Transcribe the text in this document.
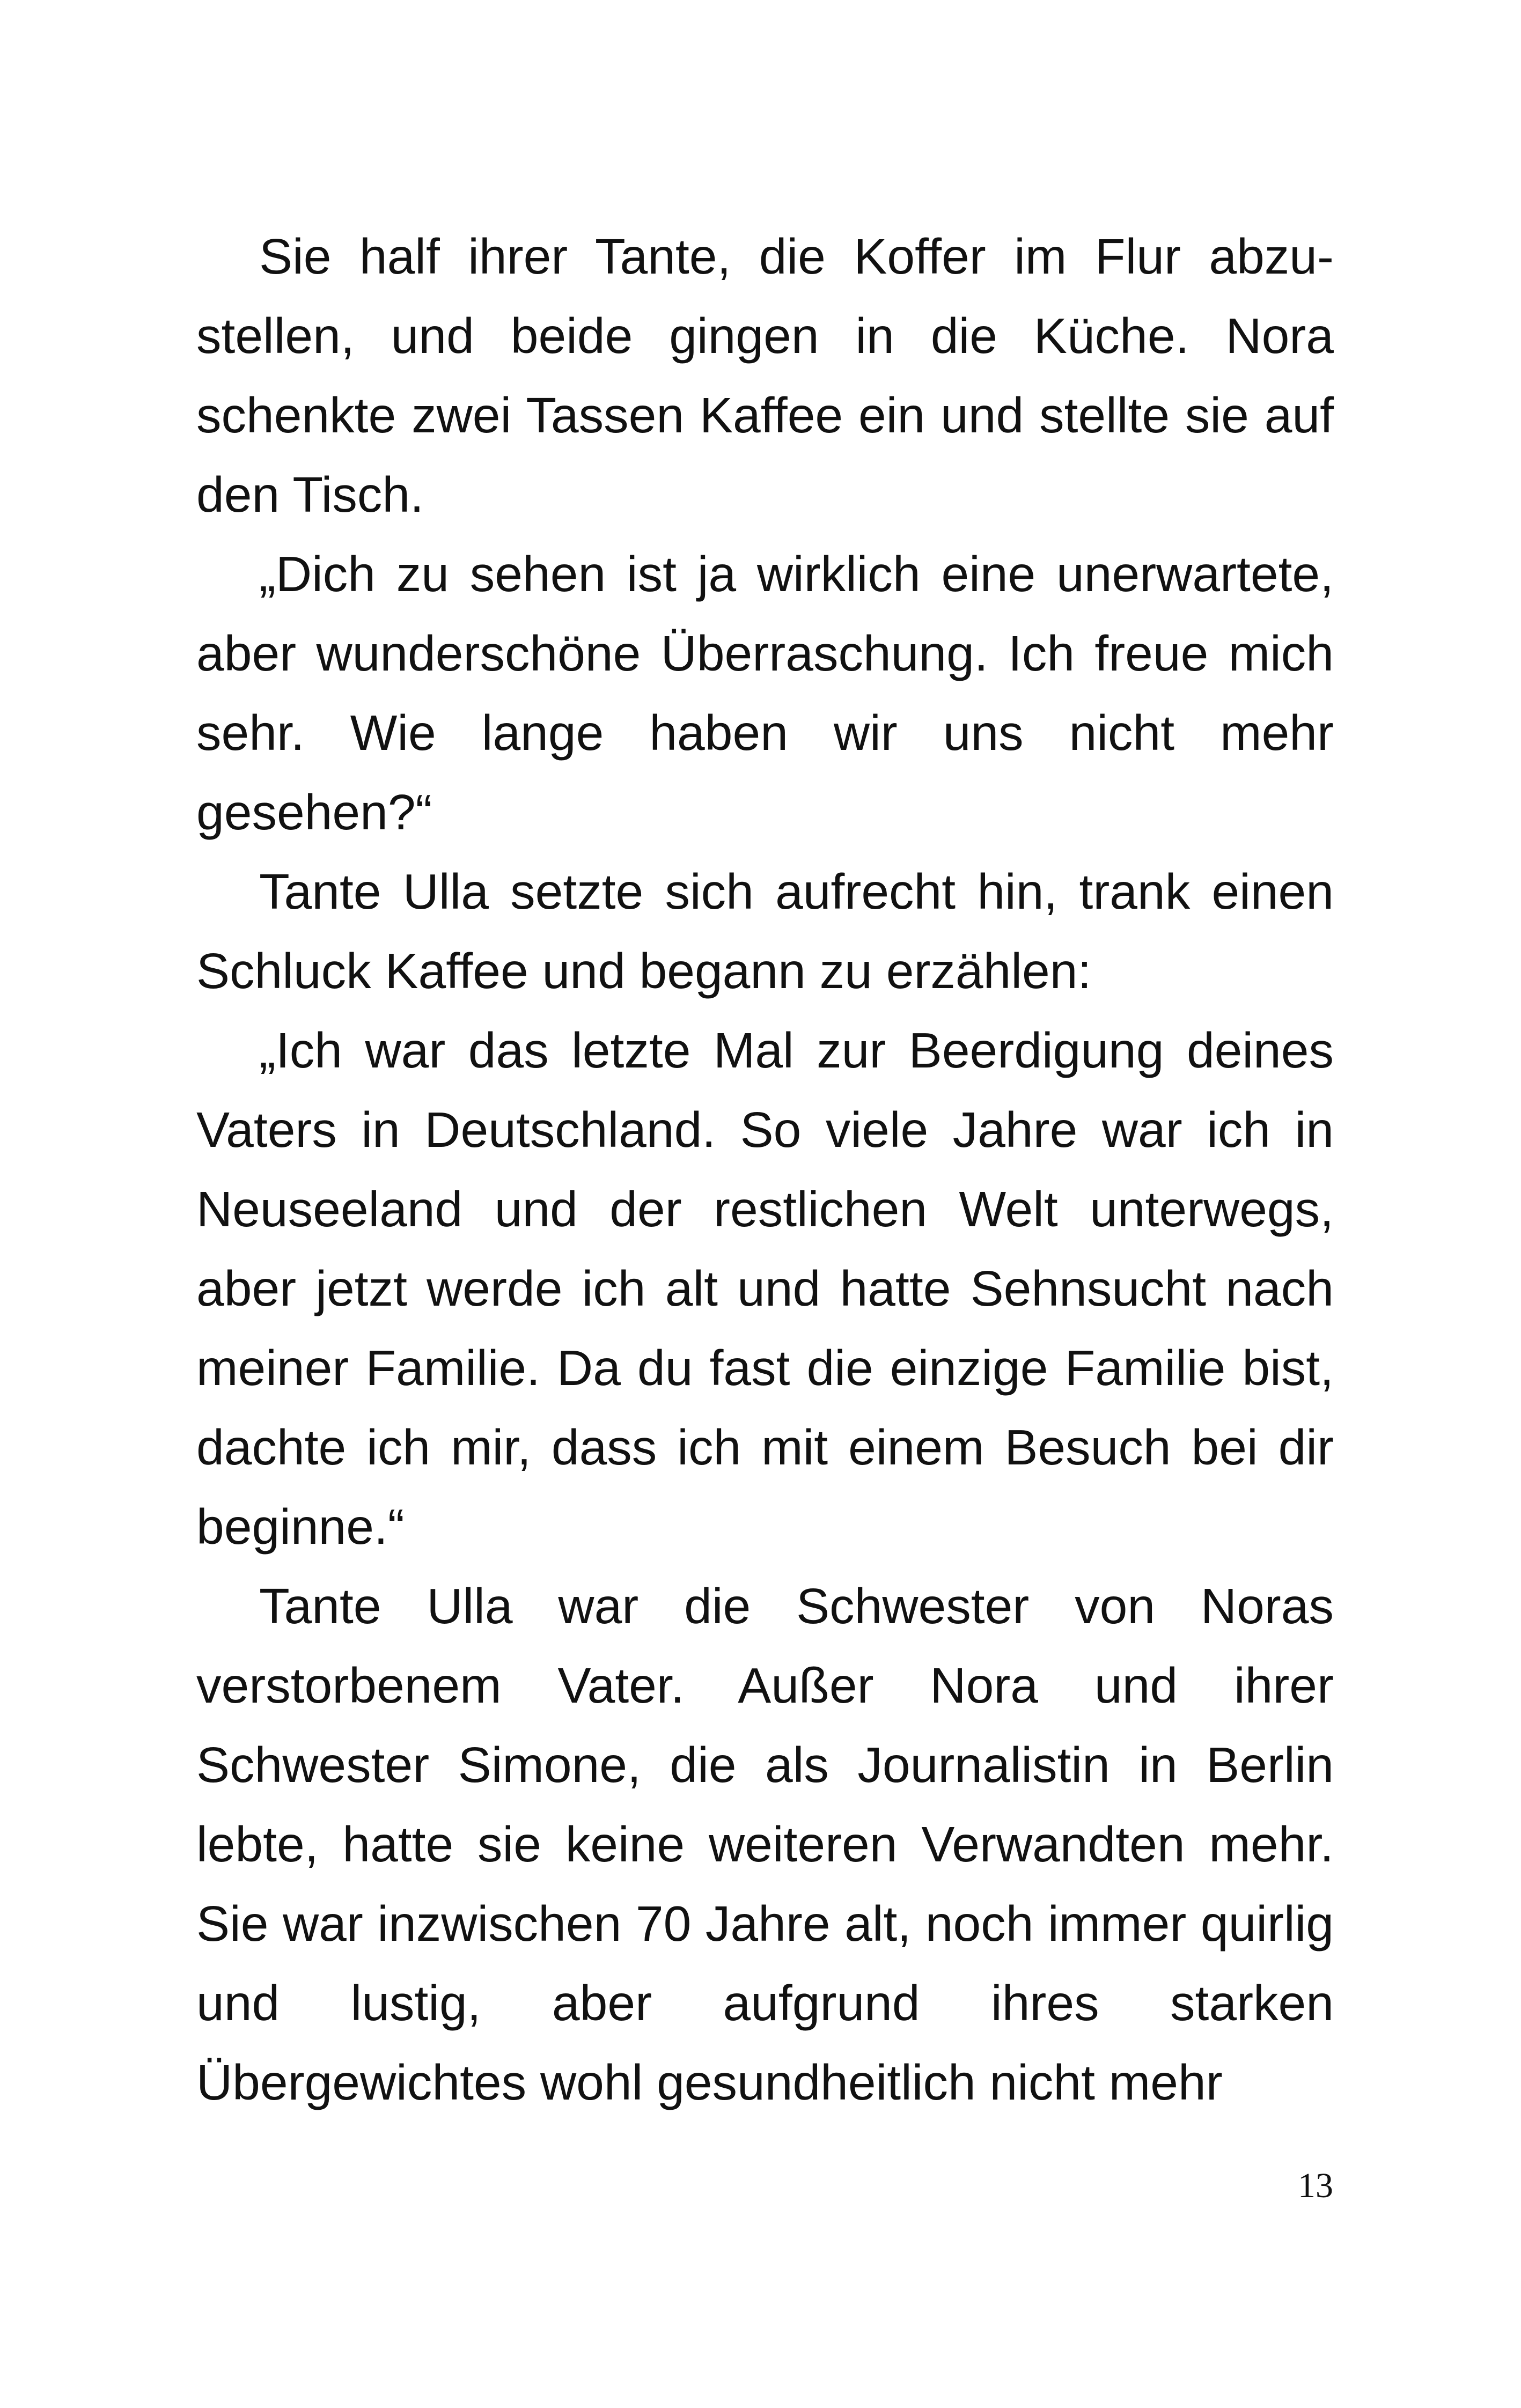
Sie half ihrer Tante, die Koffer im Flur abzustellen, und beide gingen in die Küche. Nora schenkte zwei Tassen Kaffee ein und stellte sie auf den Tisch.

„Dich zu sehen ist ja wirklich eine unerwartete, aber wunderschöne Überraschung. Ich freue mich sehr. Wie lange haben wir uns nicht mehr gesehen?“

Tante Ulla setzte sich aufrecht hin, trank einen Schluck Kaffee und begann zu erzählen:

„Ich war das letzte Mal zur Beerdigung deines Vaters in Deutschland. So viele Jahre war ich in Neuseeland und der restlichen Welt unterwegs, aber jetzt werde ich alt und hatte Sehnsucht nach meiner Familie. Da du fast die einzige Familie bist, dachte ich mir, dass ich mit einem Besuch bei dir beginne.“

Tante Ulla war die Schwester von Noras verstorbenem Vater. Außer Nora und ihrer Schwester Simone, die als Journalistin in Berlin lebte, hatte sie keine weiteren Verwandten mehr. Sie war inzwischen 70 Jahre alt, noch immer quirlig und lustig, aber aufgrund ihres starken Übergewichtes wohl gesundheitlich nicht mehr

13
